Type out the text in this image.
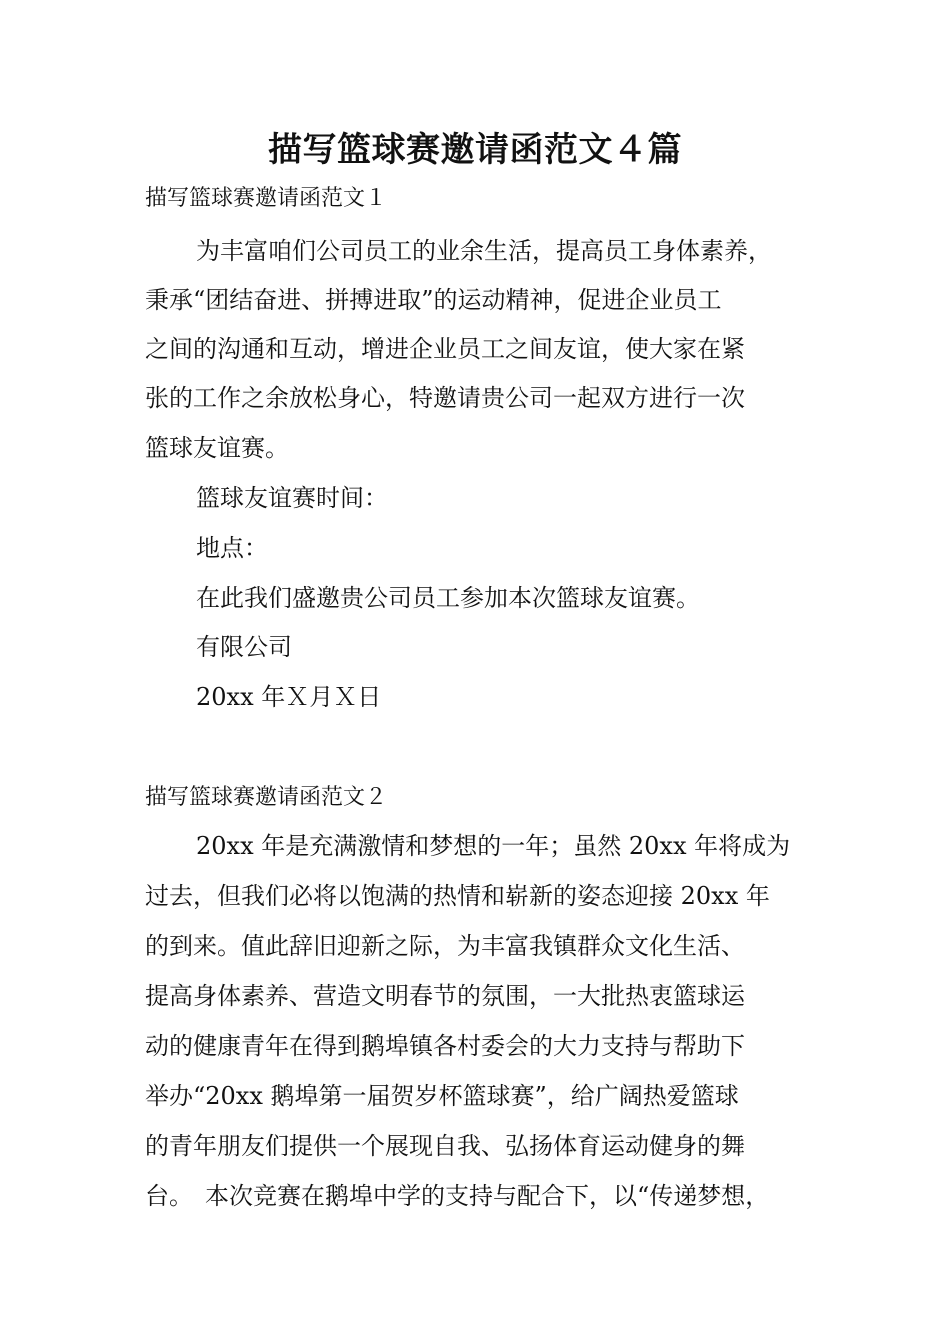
描写篮球赛邀请函范文４篇
描写篮球赛邀请函范文１
为丰富咱们公司员工的业余生活，提高员工身体素养，
秉承“团结奋进、拼搏进取”的运动精神，促进企业员工
之间的沟通和互动，增进企业员工之间友谊，使大家在紧
张的工作之余放松身心，特邀请贵公司一起双方进行一次
篮球友谊赛。
篮球友谊赛时间：
地点：
在此我们盛邀贵公司员工参加本次篮球友谊赛。
有限公司
20xx 年Ｘ月Ｘ日
描写篮球赛邀请函范文２
20xx 年是充满激情和梦想的一年；虽然 20xx 年将成为
过去，但我们必将以饱满的热情和崭新的姿态迎接 20xx 年
的到来。值此辞旧迎新之际，为丰富我镇群众文化生活、
提高身体素养、营造文明春节的氛围，一大批热衷篮球运
动的健康青年在得到鹅埠镇各村委会的大力支持与帮助下
举办“20xx 鹅埠第一届贺岁杯篮球赛”，给广阔热爱篮球
的青年朋友们提供一个展现自我、弘扬体育运动健身的舞
台。　本次竞赛在鹅埠中学的支持与配合下，以“传递梦想，
